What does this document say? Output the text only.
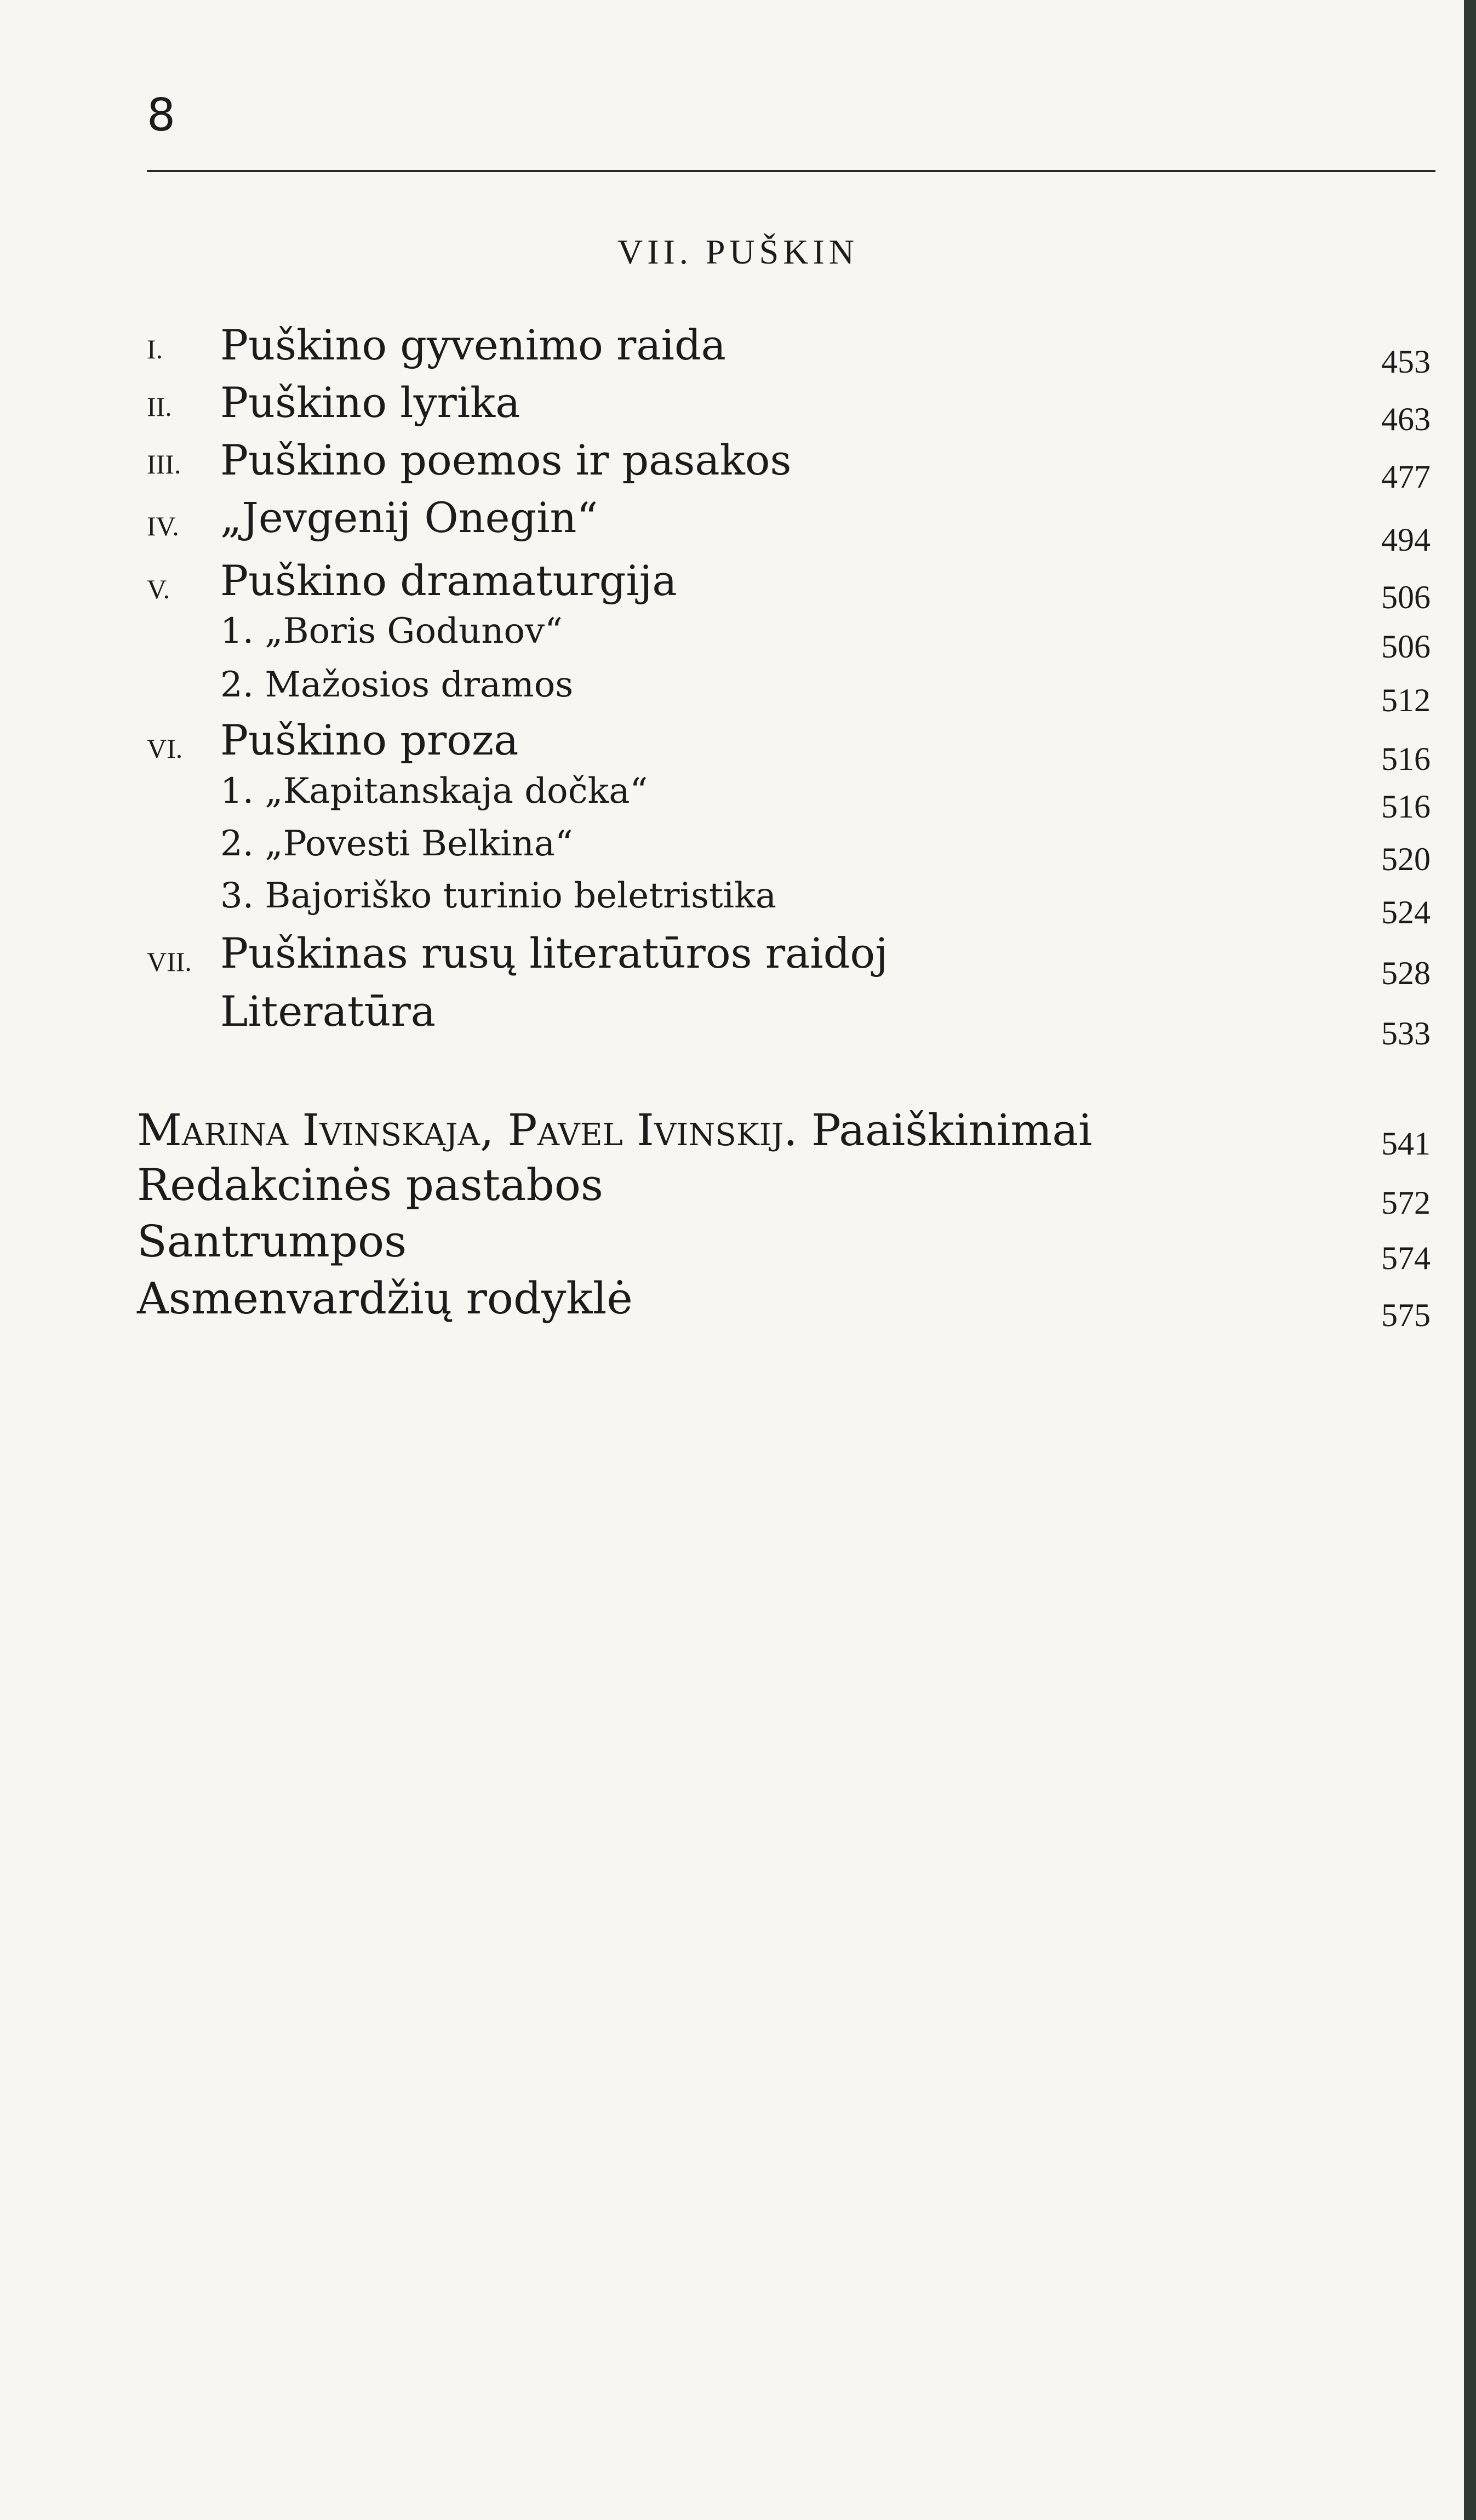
8
VII. PUŠKIN
I. Puškino gyvenimo raida	453
II. Puškino lyrika	463
III. Puškino poemos ir pasakos	477
IV. „Jevgenij Onegin“	494
V. Puškino dramaturgija	506
1. „Boris Godunov“	506
2. Mažosios dramos	512
VI. Puškino proza	516
1. „Kapitanskaja dočka“	516
2. „Povesti Belkina“	520
3. Bajoriško turinio beletristika	524
VII. Puškinas rusų literatūros raidoj	528
Literatūra	533
Marina Ivinskaja, Pavel Ivinskij. Paaiškinimai	541
Redakcinės pastabos	572
Santrumpos	574
Asmenvardžių rodyklė	575
